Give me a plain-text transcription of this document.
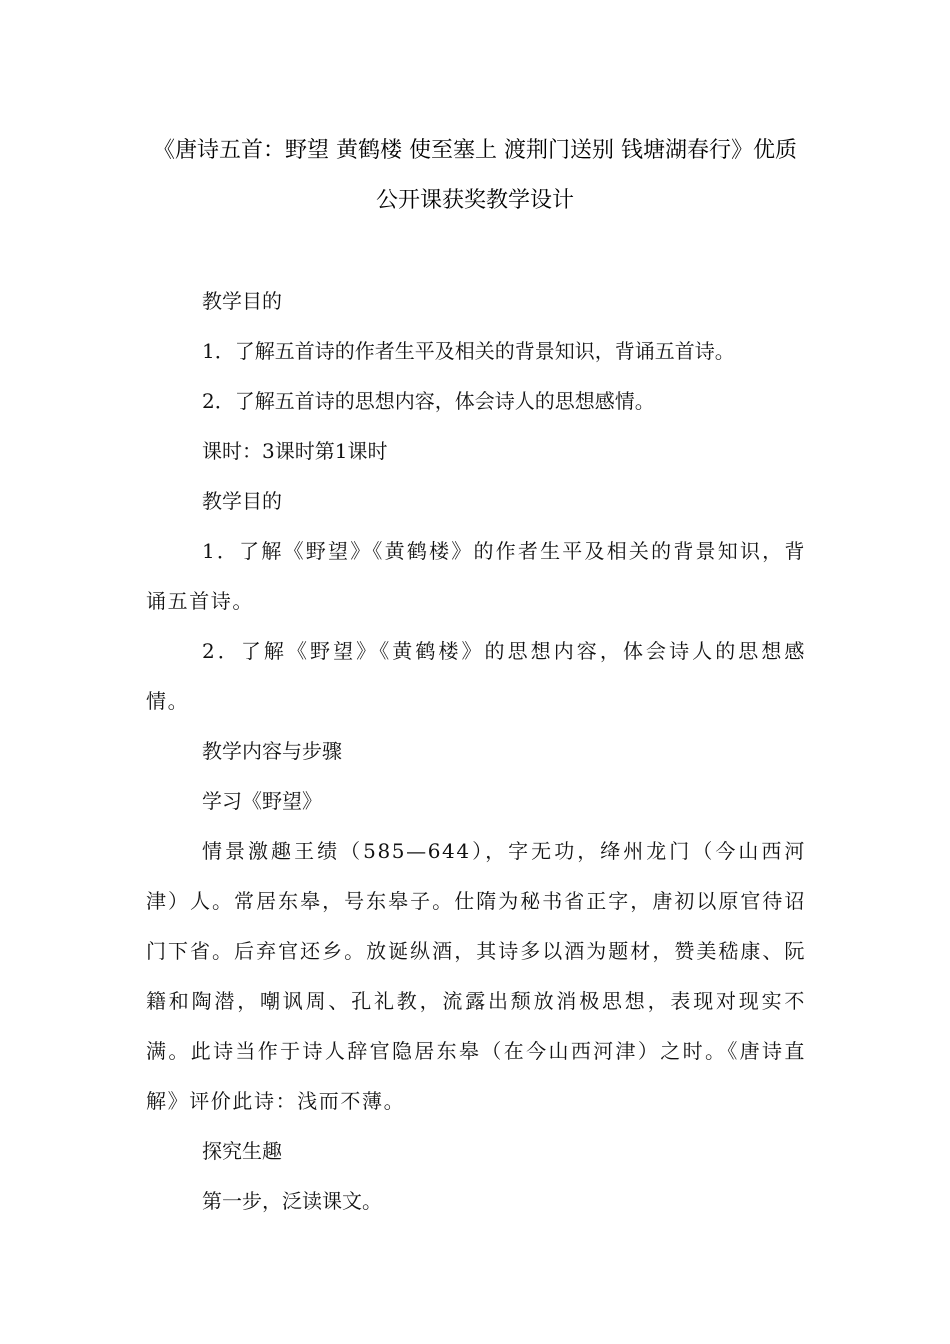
《唐诗五首：野望 黄鹤楼 使至塞上 渡荆门送别 钱塘湖春行》优质
公开课获奖教学设计

教学目的

1．了解五首诗的作者生平及相关的背景知识，背诵五首诗。

2．了解五首诗的思想内容，体会诗人的思想感情。

课时：3课时第1课时

教学目的

1．了解《野望》《黄鹤楼》的作者生平及相关的背景知识，背诵五首诗。

2．了解《野望》《黄鹤楼》的思想内容，体会诗人的思想感情。

教学内容与步骤

学习《野望》

情景激趣王绩（585—644），字无功，绛州龙门（今山西河津）人。常居东皋，号东皋子。仕隋为秘书省正字，唐初以原官待诏门下省。后弃官还乡。放诞纵酒，其诗多以酒为题材，赞美嵇康、阮籍和陶潜，嘲讽周、孔礼教，流露出颓放消极思想，表现对现实不满。此诗当作于诗人辞官隐居东皋（在今山西河津）之时。《唐诗直解》评价此诗：浅而不薄。

探究生趣

第一步，泛读课文。
